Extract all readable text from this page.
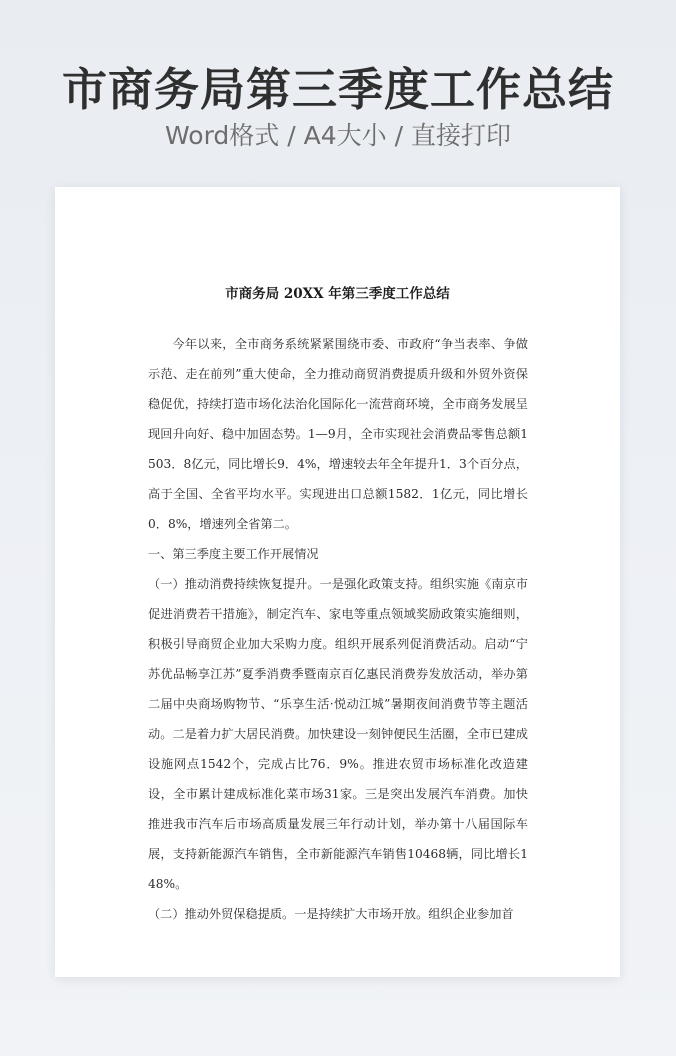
市商务局第三季度工作总结
Word格式 / A4大小 / 直接打印
市商务局 20XX 年第三季度工作总结

今年以来，全市商务系统紧紧围绕市委、市政府“争当表率、争做示范、走在前列”重大使命，全力推动商贸消费提质升级和外贸外资保稳促优，持续打造市场化法治化国际化一流营商环境，全市商务发展呈现回升向好、稳中加固态势。1—9月，全市实现社会消费品零售总额1503．8亿元，同比增长9．4%，增速较去年全年提升1．3个百分点，高于全国、全省平均水平。实现进出口总额1582．1亿元，同比增长0．8%，增速列全省第二。

一、第三季度主要工作开展情况

（一）推动消费持续恢复提升。一是强化政策支持。组织实施《南京市促进消费若干措施》，制定汽车、家电等重点领域奖励政策实施细则，积极引导商贸企业加大采购力度。组织开展系列促消费活动。启动“宁苏优品畅享江苏”夏季消费季暨南京百亿惠民消费券发放活动，举办第二届中央商场购物节、“乐享生活·悦动江城”暑期夜间消费节等主题活动。二是着力扩大居民消费。加快建设一刻钟便民生活圈，全市已建成设施网点1542个，完成占比76．9%。推进农贸市场标准化改造建设，全市累计建成标准化菜市场31家。三是突出发展汽车消费。加快推进我市汽车后市场高质量发展三年行动计划，举办第十八届国际车展，支持新能源汽车销售，全市新能源汽车销售10468辆，同比增长148%。

（二）推动外贸保稳提质。一是持续扩大市场开放。组织企业参加首
